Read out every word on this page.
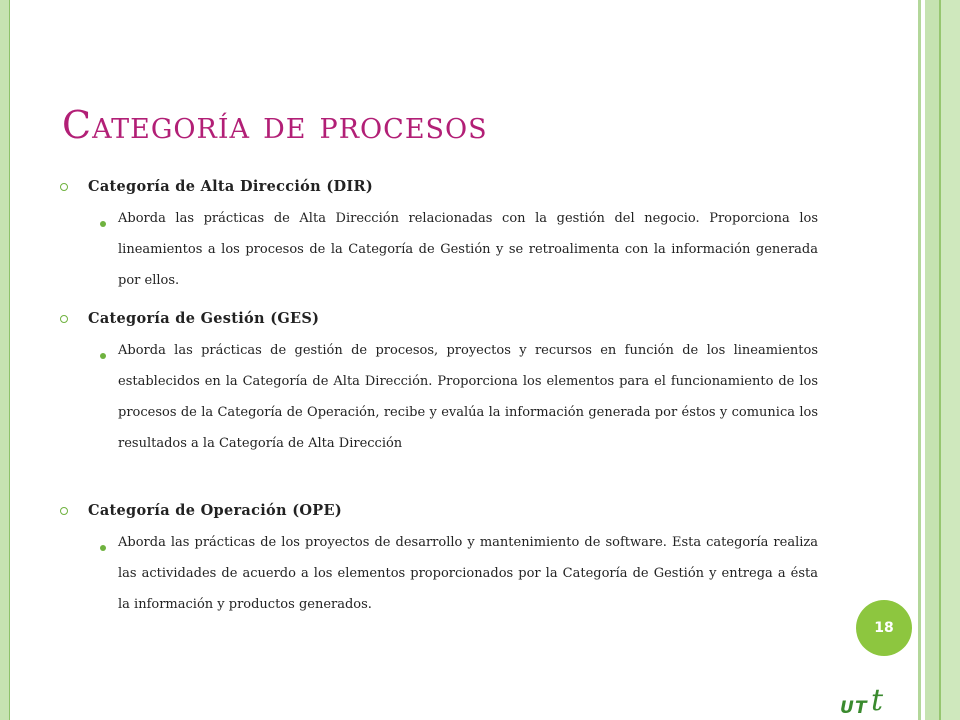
Categoría de procesos
Categoría de Alta Dirección (DIR)

Aborda las prácticas de Alta Dirección relacionadas con la gestión del negocio. Proporciona los lineamientos a los procesos de la Categoría de Gestión y se retroalimenta con la información generada por ellos.

Categoría de Gestión (GES)

Aborda las prácticas de gestión de procesos, proyectos y recursos en función de los lineamientos establecidos en la Categoría de Alta Dirección. Proporciona los elementos para el funcionamiento de los procesos de la Categoría de Operación, recibe y evalúa la información generada por éstos y comunica los resultados a la Categoría de Alta Dirección

Categoría de Operación (OPE)

Aborda las prácticas de los proyectos de desarrollo y mantenimiento de software. Esta categoría realiza las actividades de acuerdo a los elementos proporcionados por la Categoría de Gestión y entrega a ésta la información y productos generados.

18
U T t
